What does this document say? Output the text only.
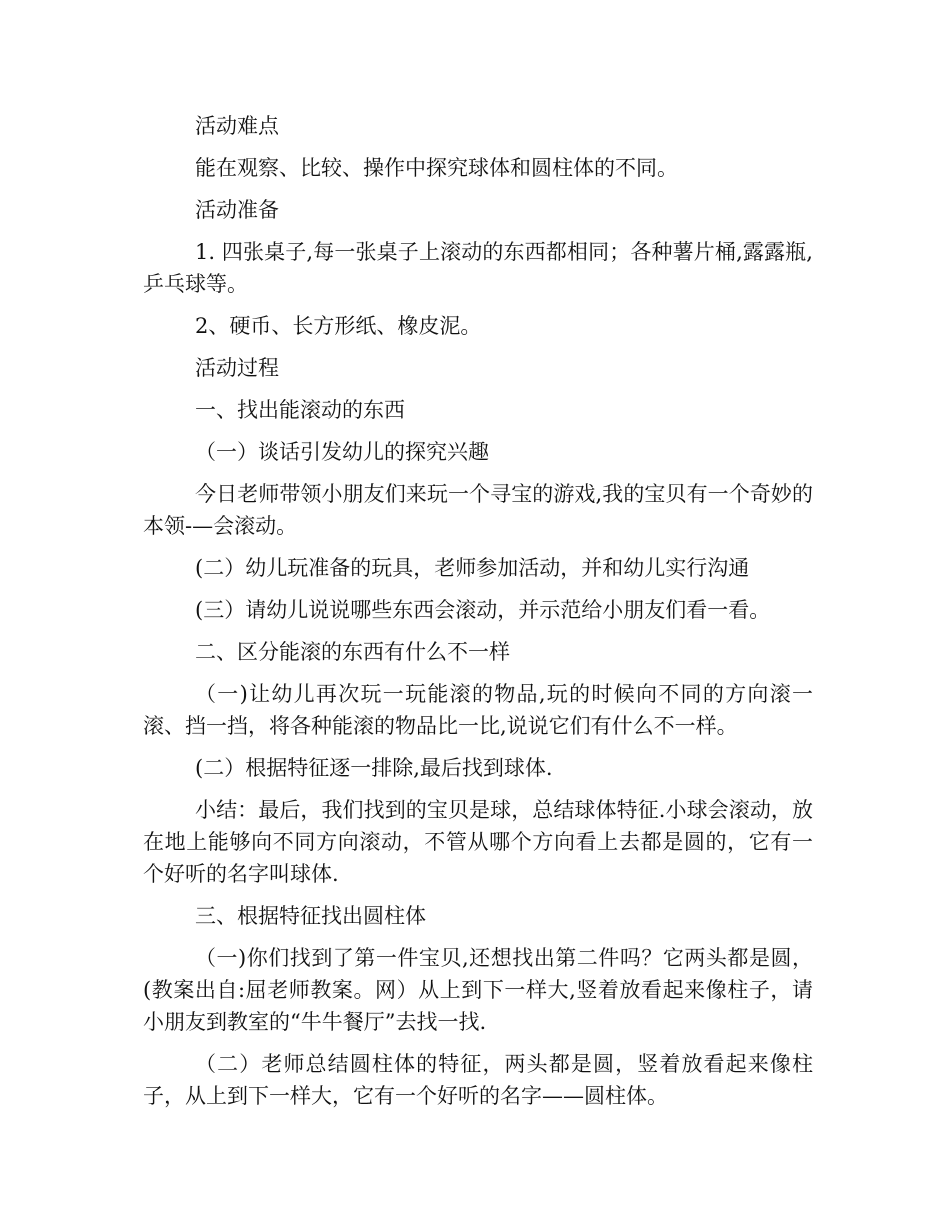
活动难点

能在观察、比较、操作中探究球体和圆柱体的不同。

活动准备

1. 四张桌子,每一张桌子上滚动的东西都相同；各种薯片桶,露露瓶,乒乓球等。

2、硬币、长方形纸、橡皮泥。

活动过程

一、找出能滚动的东西

（一）谈话引发幼儿的探究兴趣

今日老师带领小朋友们来玩一个寻宝的游戏,我的宝贝有一个奇妙的本领-—会滚动。

(二）幼儿玩准备的玩具，老师参加活动，并和幼儿实行沟通

(三）请幼儿说说哪些东西会滚动，并示范给小朋友们看一看。

二、区分能滚的东西有什么不一样

（一)让幼儿再次玩一玩能滚的物品,玩的时候向不同的方向滚一滚、挡一挡，将各种能滚的物品比一比,说说它们有什么不一样。

(二）根据特征逐一排除,最后找到球体.

小结：最后，我们找到的宝贝是球，总结球体特征.小球会滚动，放在地上能够向不同方向滚动，不管从哪个方向看上去都是圆的，它有一个好听的名字叫球体.

三、根据特征找出圆柱体

（一)你们找到了第一件宝贝,还想找出第二件吗？它两头都是圆，(教案出自:屈老师教案。网）从上到下一样大,竖着放看起来像柱子，请小朋友到教室的“牛牛餐厅”去找一找.

（二）老师总结圆柱体的特征，两头都是圆，竖着放看起来像柱子，从上到下一样大，它有一个好听的名字——圆柱体。
